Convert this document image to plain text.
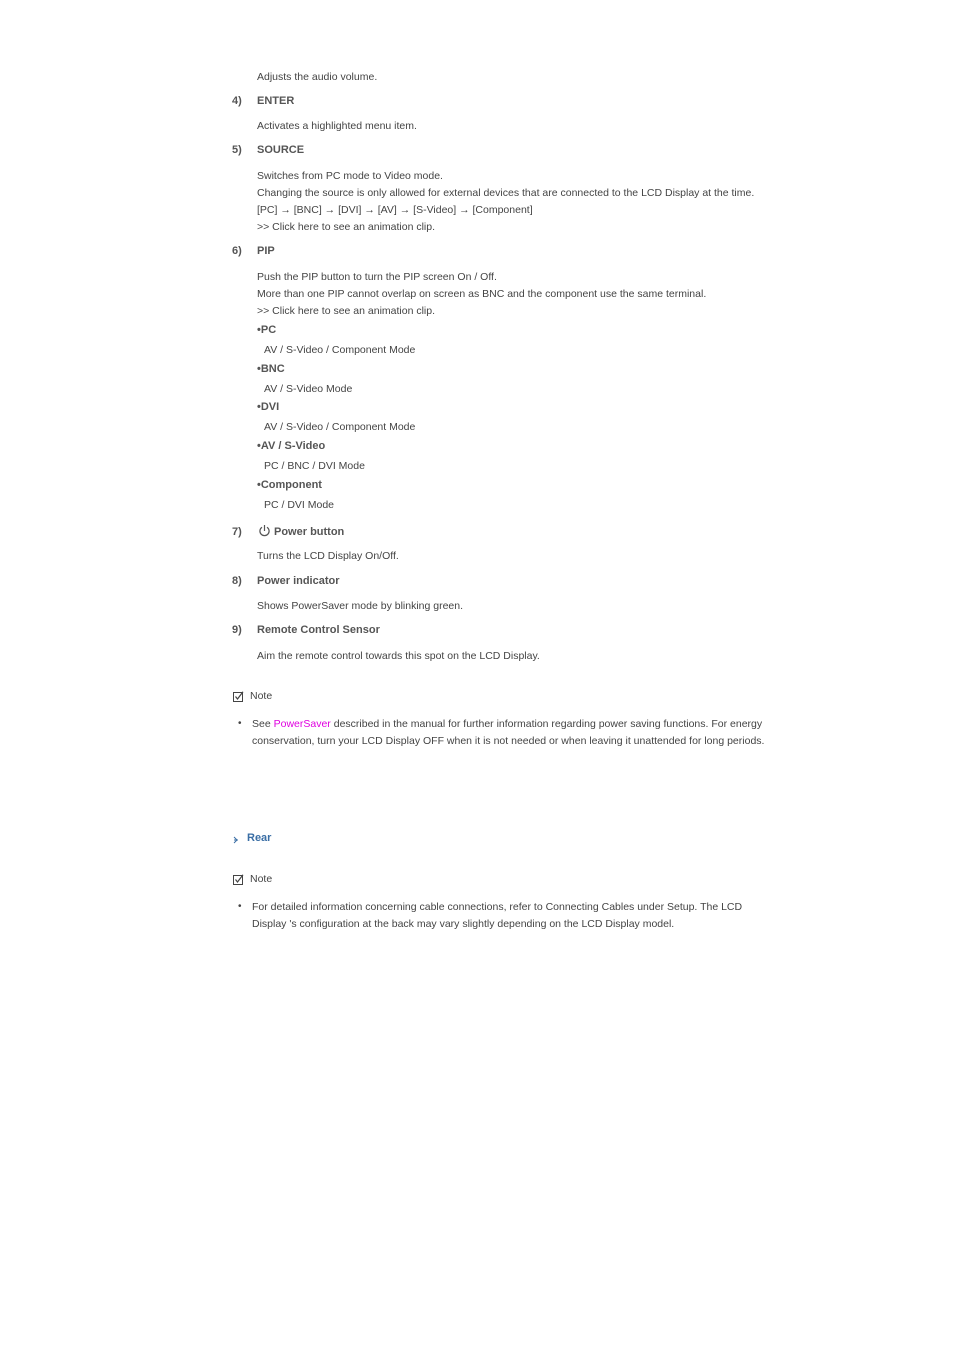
Adjusts the audio volume.
4) ENTER
Activates a highlighted menu item.
5) SOURCE
Switches from PC mode to Video mode.
Changing the source is only allowed for external devices that are connected to the LCD Display at the time.
[PC] → [BNC] → [DVI] → [AV] → [S-Video] → [Component]
>> Click here to see an animation clip.
6) PIP
Push the PIP button to turn the PIP screen On / Off.
More than one PIP cannot overlap on screen as BNC and the component use the same terminal.
>> Click here to see an animation clip.
•PC
AV / S-Video / Component Mode
•BNC
AV / S-Video Mode
•DVI
AV / S-Video / Component Mode
•AV / S-Video
PC / BNC / DVI Mode
•Component
PC / DVI Mode
7)	Power button
Turns the LCD Display On/Off.
8) Power indicator
Shows PowerSaver mode by blinking green.
9) Remote Control Sensor
Aim the remote control towards this spot on the LCD Display.
Note
• See PowerSaver described in the manual for further information regarding power saving functions. For energy conservation, turn your LCD Display OFF when it is not needed or when leaving it unattended for long periods.
Rear
Note
• For detailed information concerning cable connections, refer to Connecting Cables under Setup. The LCD Display 's configuration at the back may vary slightly depending on the LCD Display model.
